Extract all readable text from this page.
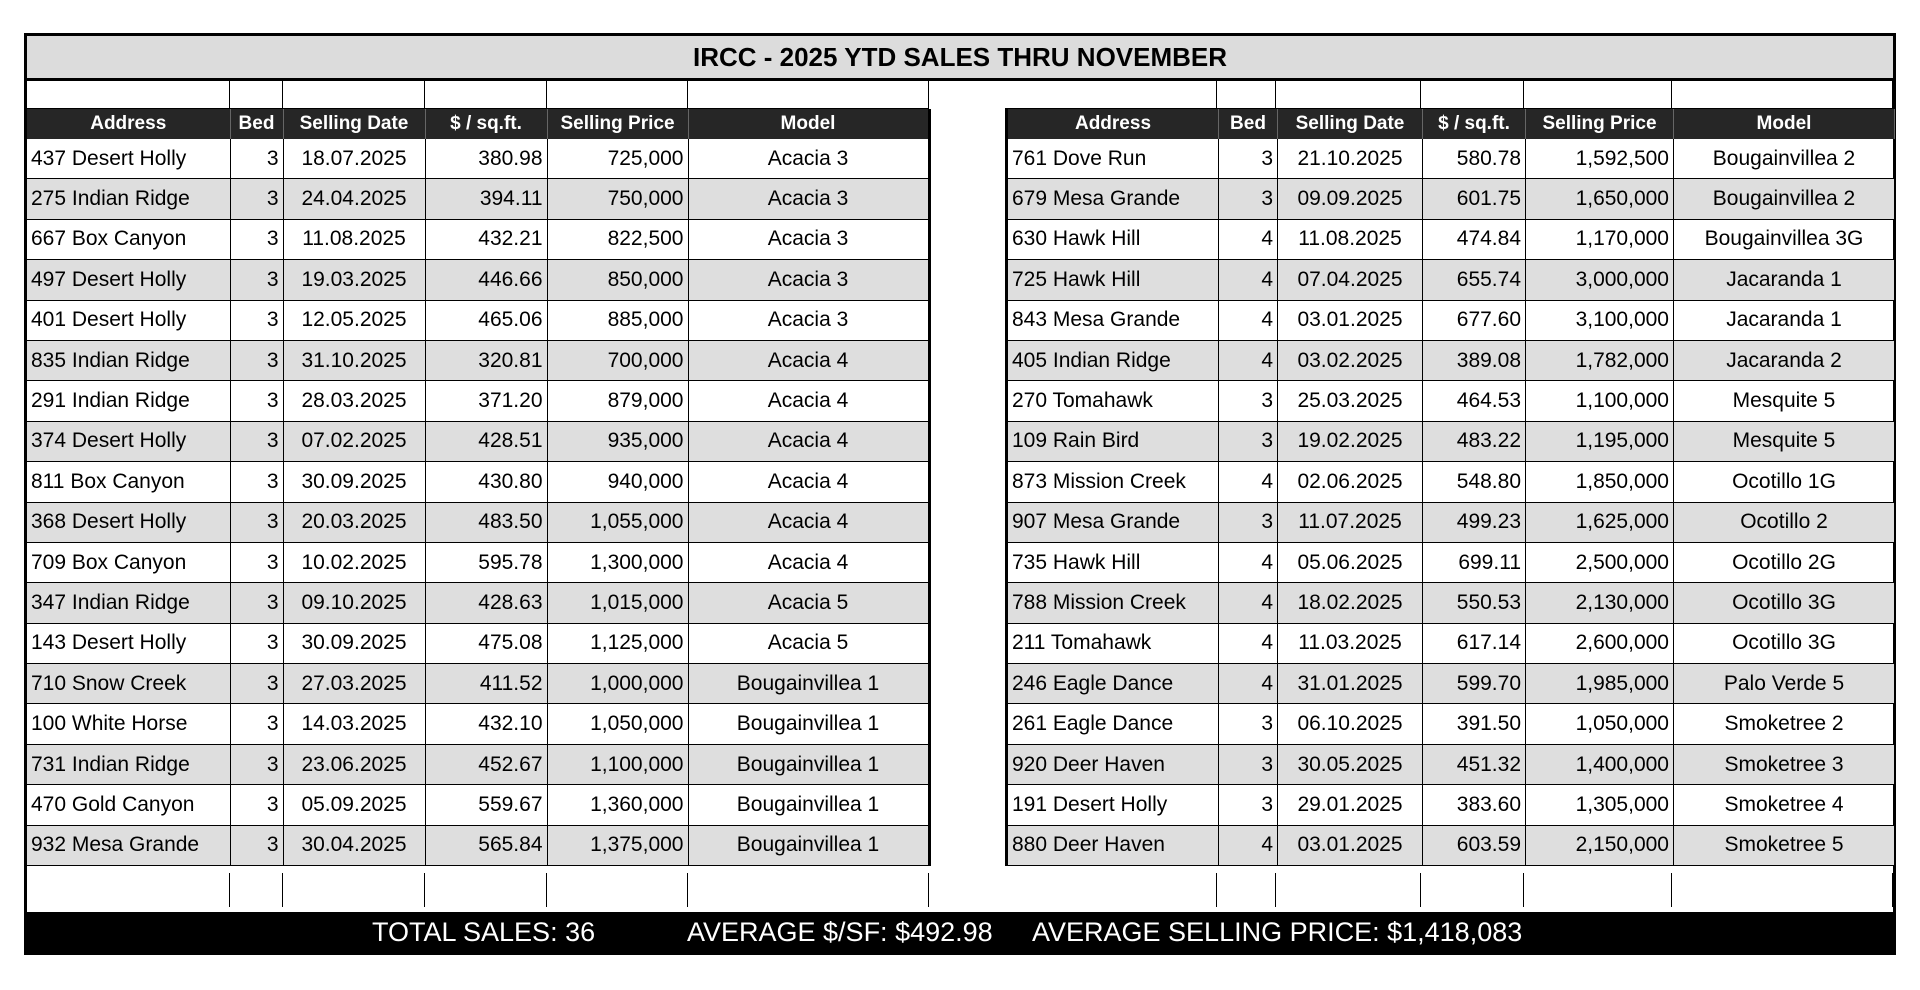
IRCC - 2025 YTD SALES THRU NOVEMBER
Address	Bed	Selling Date	$ / sq.ft.	Selling Price	Model
437 Desert Holly	3	18.07.2025	380.98	725,000	Acacia 3
275 Indian Ridge	3	24.04.2025	394.11	750,000	Acacia 3
667 Box Canyon	3	11.08.2025	432.21	822,500	Acacia 3
497 Desert Holly	3	19.03.2025	446.66	850,000	Acacia 3
401 Desert Holly	3	12.05.2025	465.06	885,000	Acacia 3
835 Indian Ridge	3	31.10.2025	320.81	700,000	Acacia 4
291 Indian Ridge	3	28.03.2025	371.20	879,000	Acacia 4
374 Desert Holly	3	07.02.2025	428.51	935,000	Acacia 4
811 Box Canyon	3	30.09.2025	430.80	940,000	Acacia 4
368 Desert Holly	3	20.03.2025	483.50	1,055,000	Acacia 4
709 Box Canyon	3	10.02.2025	595.78	1,300,000	Acacia 4
347 Indian Ridge	3	09.10.2025	428.63	1,015,000	Acacia 5
143 Desert Holly	3	30.09.2025	475.08	1,125,000	Acacia 5
710 Snow Creek	3	27.03.2025	411.52	1,000,000	Bougainvillea 1
100 White Horse	3	14.03.2025	432.10	1,050,000	Bougainvillea 1
731 Indian Ridge	3	23.06.2025	452.67	1,100,000	Bougainvillea 1
470 Gold Canyon	3	05.09.2025	559.67	1,360,000	Bougainvillea 1
932 Mesa Grande	3	30.04.2025	565.84	1,375,000	Bougainvillea 1
Address	Bed	Selling Date	$ / sq.ft.	Selling Price	Model
761 Dove Run	3	21.10.2025	580.78	1,592,500	Bougainvillea 2
679 Mesa Grande	3	09.09.2025	601.75	1,650,000	Bougainvillea 2
630 Hawk Hill	4	11.08.2025	474.84	1,170,000	Bougainvillea 3G
725 Hawk Hill	4	07.04.2025	655.74	3,000,000	Jacaranda 1
843 Mesa Grande	4	03.01.2025	677.60	3,100,000	Jacaranda 1
405 Indian Ridge	4	03.02.2025	389.08	1,782,000	Jacaranda 2
270 Tomahawk	3	25.03.2025	464.53	1,100,000	Mesquite 5
109 Rain Bird	3	19.02.2025	483.22	1,195,000	Mesquite 5
873 Mission Creek	4	02.06.2025	548.80	1,850,000	Ocotillo 1G
907 Mesa Grande	3	11.07.2025	499.23	1,625,000	Ocotillo 2
735 Hawk Hill	4	05.06.2025	699.11	2,500,000	Ocotillo 2G
788 Mission Creek	4	18.02.2025	550.53	2,130,000	Ocotillo 3G
211 Tomahawk	4	11.03.2025	617.14	2,600,000	Ocotillo 3G
246 Eagle Dance	4	31.01.2025	599.70	1,985,000	Palo Verde 5
261 Eagle Dance	3	06.10.2025	391.50	1,050,000	Smoketree 2
920 Deer Haven	3	30.05.2025	451.32	1,400,000	Smoketree 3
191 Desert Holly	3	29.01.2025	383.60	1,305,000	Smoketree 4
880 Deer Haven	4	03.01.2025	603.59	2,150,000	Smoketree 5
TOTAL SALES: 36	AVERAGE $/SF: $492.98 AVERAGE SELLING PRICE: $1,418,083
